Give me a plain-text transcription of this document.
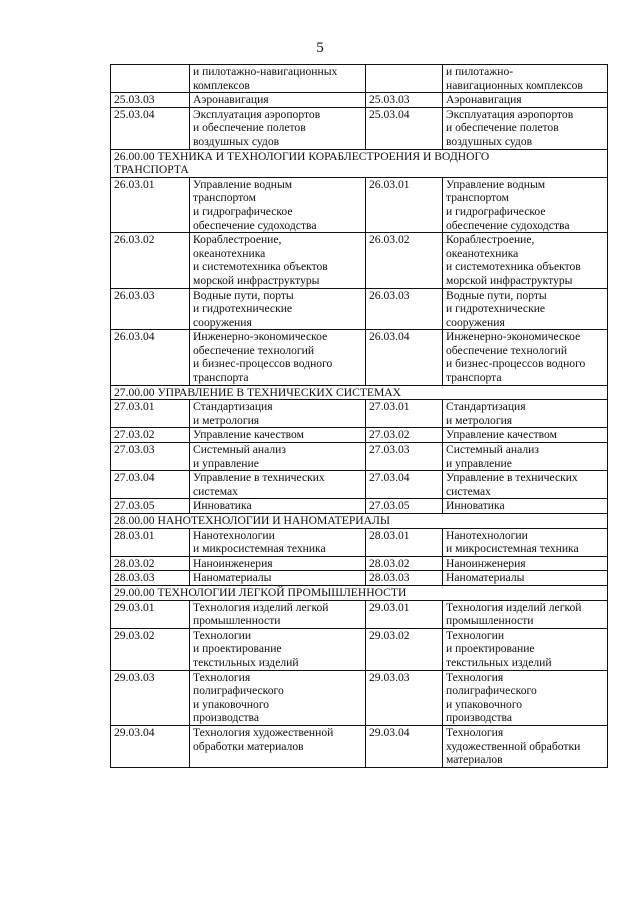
5
	и пилотажно-навигационных
комплексов		и пилотажно-
навигационных комплексов
25.03.03	Аэронавигация	25.03.03	Аэронавигация
25.03.04	Эксплуатация аэропортов
и обеспечение полетов
воздушных судов	25.03.04	Эксплуатация аэропортов
и обеспечение полетов
воздушных судов
26.00.00 ТЕХНИКА И ТЕХНОЛОГИИ КОРАБЛЕСТРОЕНИЯ И ВОДНОГО
ТРАНСПОРТА			
26.03.01	Управление водным
транспортом
и гидрографическое
обеспечение судоходства	26.03.01	Управление водным
транспортом
и гидрографическое
обеспечение судоходства
26.03.02	Кораблестроение,
океанотехника
и системотехника объектов
морской инфраструктуры	26.03.02	Кораблестроение,
океанотехника
и системотехника объектов
морской инфраструктуры
26.03.03	Водные пути, порты
и гидротехнические
сооружения	26.03.03	Водные пути, порты
и гидротехнические
сооружения
26.03.04	Инженерно-экономическое
обеспечение технологий
и бизнес-процессов водного
транспорта	26.03.04	Инженерно-экономическое
обеспечение технологий
и бизнес-процессов водного
транспорта
27.00.00 УПРАВЛЕНИЕ В ТЕХНИЧЕСКИХ СИСТЕМАХ			
27.03.01	Стандартизация
и метрология	27.03.01	Стандартизация
и метрология
27.03.02	Управление качеством	27.03.02	Управление качеством
27.03.03	Системный анализ
и управление	27.03.03	Системный анализ
и управление
27.03.04	Управление в технических
системах	27.03.04	Управление в технических
системах
27.03.05	Инноватика	27.03.05	Инноватика
28.00.00 НАНОТЕХНОЛОГИИ И НАНОМАТЕРИАЛЫ			
28.03.01	Нанотехнологии
и микросистемная техника	28.03.01	Нанотехнологии
и микросистемная техника
28.03.02	Наноинженерия	28.03.02	Наноинженерия
28.03.03	Наноматериалы	28.03.03	Наноматериалы
29.00.00 ТЕХНОЛОГИИ ЛЕГКОЙ ПРОМЫШЛЕННОСТИ			
29.03.01	Технология изделий легкой
промышленности	29.03.01	Технология изделий легкой
промышленности
29.03.02	Технологии
и проектирование
текстильных изделий	29.03.02	Технологии
и проектирование
текстильных изделий
29.03.03	Технология
полиграфического
и упаковочного
производства	29.03.03	Технология
полиграфического
и упаковочного
производства
29.03.04	Технология художественной
обработки материалов	29.03.04	Технология
художественной обработки
материалов
